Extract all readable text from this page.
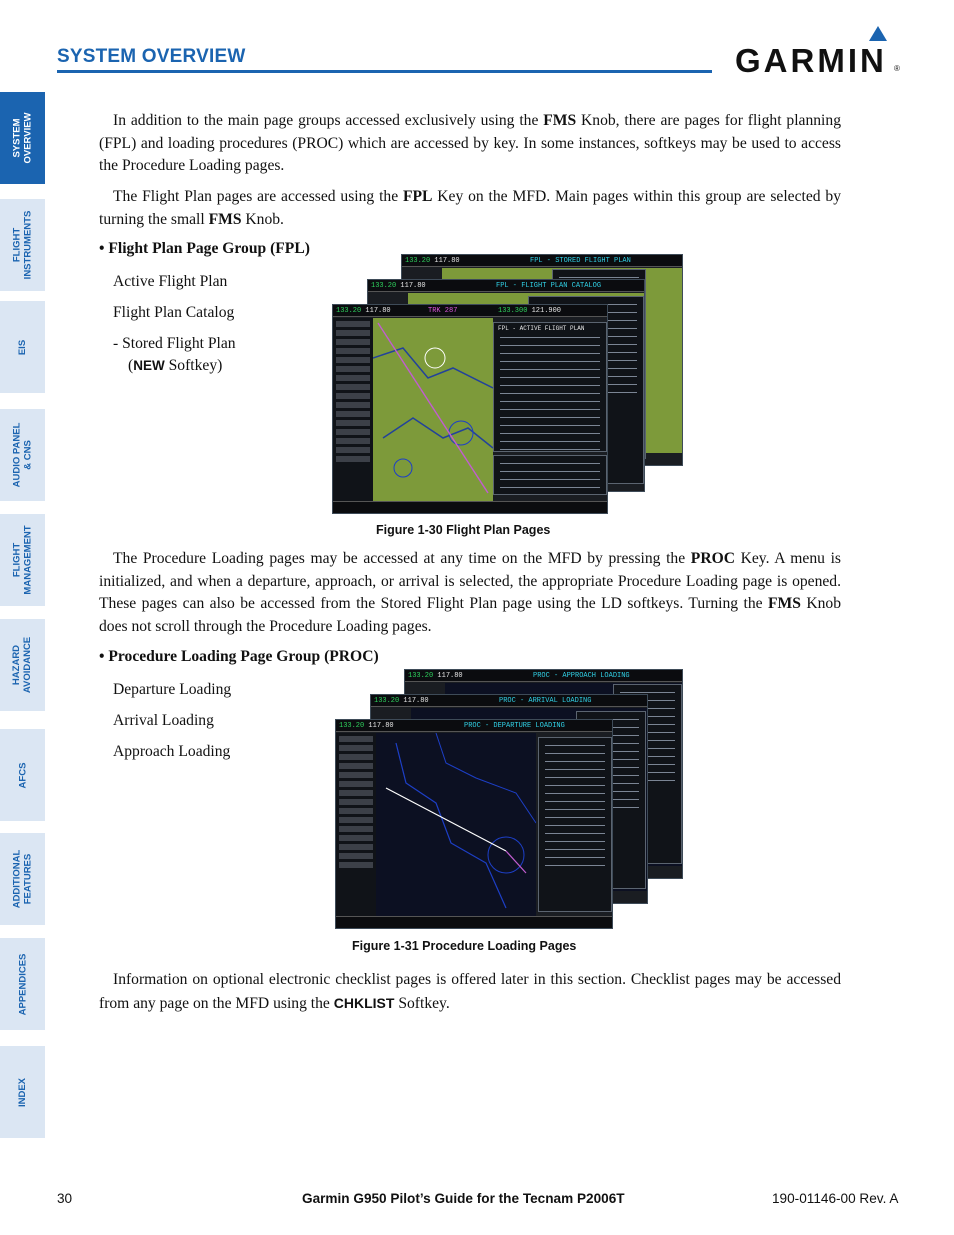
SYSTEM OVERVIEW	GARMIN ®
SYSTEM
OVERVIEW
FLIGHT
INSTRUMENTS
EIS
AUDIO PANEL
& CNS
FLIGHT
MANAGEMENT
HAZARD
AVOIDANCE
AFCS
ADDITIONAL
FEATURES
APPENDICES
INDEX

In addition to the main page groups accessed exclusively using the FMS Knob, there are pages for flight planning (FPL) and loading procedures (PROC) which are accessed by key. In some instances, softkeys may be used to access the Procedure Loading pages.

The Flight Plan pages are accessed using the FPL Key on the MFD. Main pages within this group are selected by turning the small FMS Knob.

• Flight Plan Page Group (FPL)
Active Flight Plan
Flight Plan Catalog
- Stored Flight Plan
(NEW Softkey)
133.20 117.80	FPL - STORED FLIGHT PLAN
133.20 117.80	FPL - FLIGHT PLAN CATALOG
133.20 117.80	TRK 287	133.300 121.900
FPL - ACTIVE FLIGHT PLAN
Figure 1-30 Flight Plan Pages

The Procedure Loading pages may be accessed at any time on the MFD by pressing the PROC Key. A menu is initialized, and when a departure, approach, or arrival is selected, the appropriate Procedure Loading page is opened. These pages can also be accessed from the Stored Flight Plan page using the LD softkeys. Turning the FMS Knob does not scroll through the Procedure Loading pages.

• Procedure Loading Page Group (PROC)
Departure Loading
Arrival Loading
Approach Loading
133.20 117.80	PROC - APPROACH LOADING
133.20 117.80	PROC - ARRIVAL LOADING
133.20 117.80	PROC - DEPARTURE LOADING
Figure 1-31 Procedure Loading Pages

Information on optional electronic checklist pages is offered later in this section. Checklist pages may be accessed from any page on the MFD using the CHKLIST Softkey.

30	Garmin G950 Pilot’s Guide for the Tecnam P2006T	190-01146-00 Rev. A
